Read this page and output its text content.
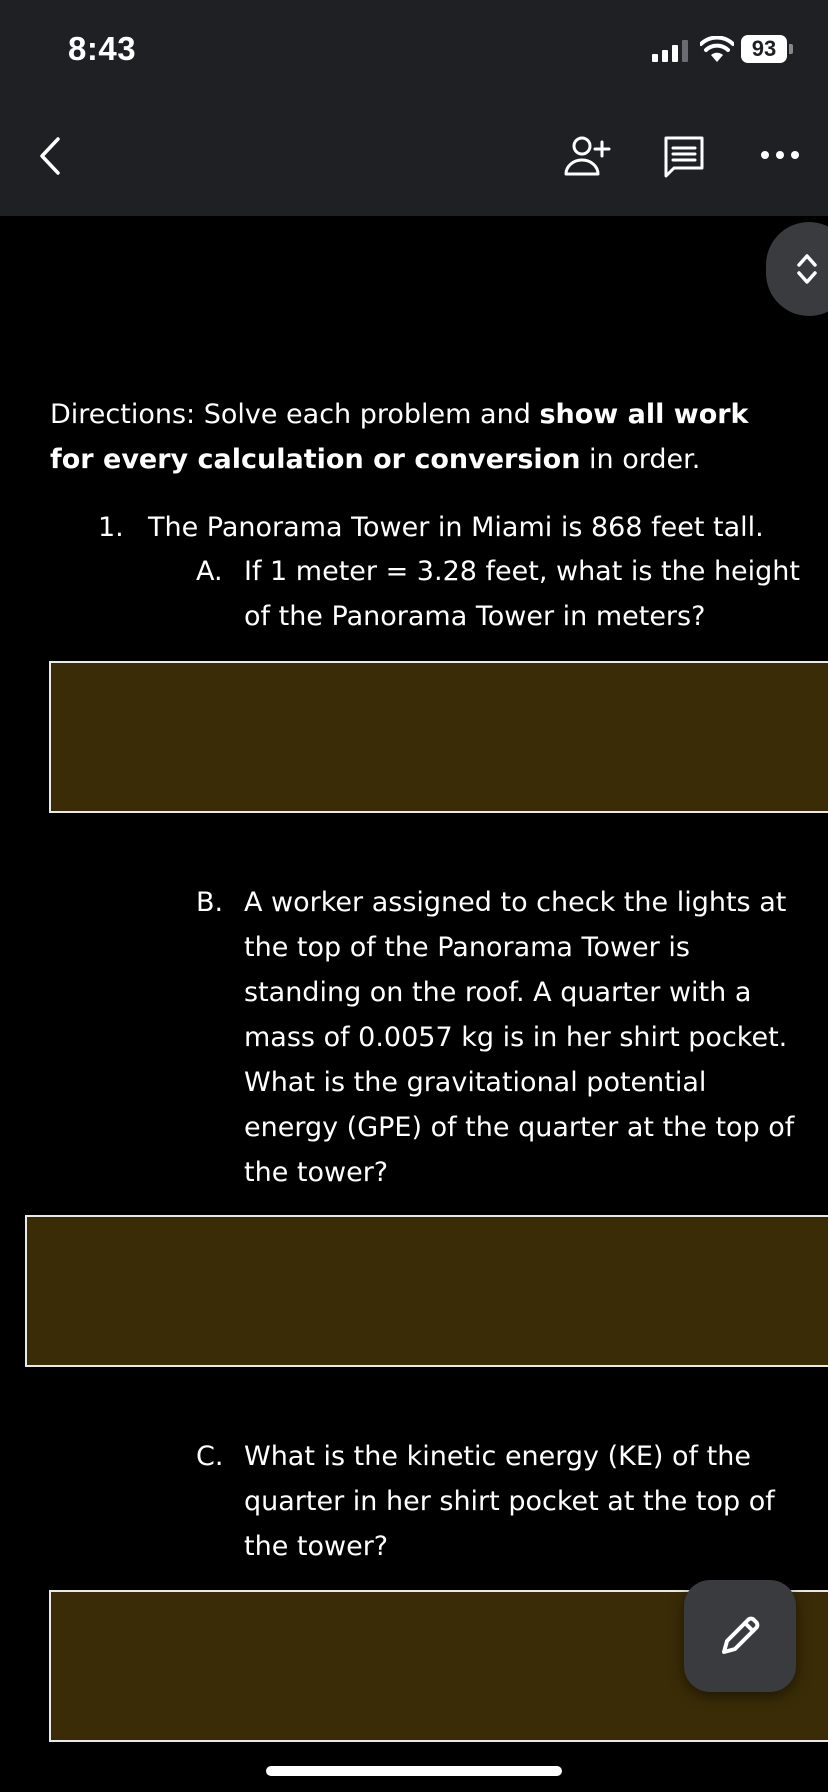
8:43	93

Directions: Solve each problem and show all work for every calculation or conversion in order.

1. The Panorama Tower in Miami is 868 feet tall.
A. If 1 meter = 3.28 feet, what is the height of the Panorama Tower in meters?

B. A worker assigned to check the lights at the top of the Panorama Tower is standing on the roof. A quarter with a mass of 0.0057 kg is in her shirt pocket. What is the gravitational potential energy (GPE) of the quarter at the top of the tower?

C. What is the kinetic energy (KE) of the quarter in her shirt pocket at the top of the tower?
